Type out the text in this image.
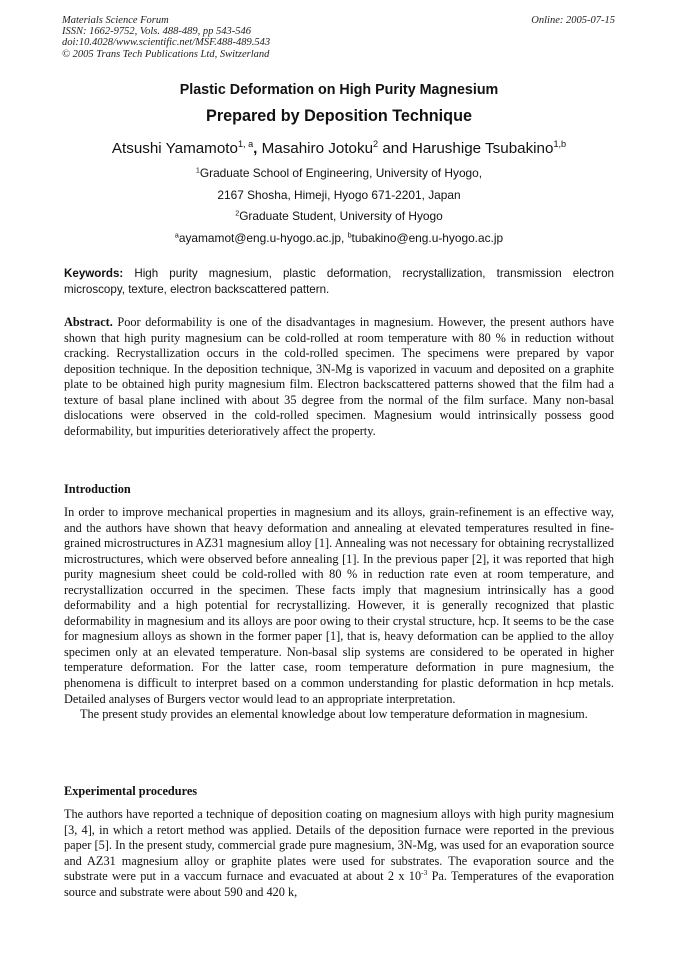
Materials Science Forum
ISSN: 1662-9752, Vols. 488-489, pp 543-546
doi:10.4028/www.scientific.net/MSF.488-489.543
© 2005 Trans Tech Publications Ltd, Switzerland
Online: 2005-07-15
Plastic Deformation on High Purity Magnesium
Prepared by Deposition Technique
Atsushi Yamamoto$^{1, a}$, Masahiro Jotoku$^2$ and Harushige Tsubakino$^{1,b}$
$^1$Graduate School of Engineering, University of Hyogo,
2167 Shosha, Himeji, Hyogo 671-2201, Japan
$^2$Graduate Student, University of Hyogo
$^a$ayamamot@eng.u-hyogo.ac.jp, $^b$tubakino@eng.u-hyogo.ac.jp
Keywords: High purity magnesium, plastic deformation, recrystallization, transmission electron microscopy, texture, electron backscattered pattern.

Abstract. Poor deformability is one of the disadvantages in magnesium. However, the present authors have shown that high purity magnesium can be cold-rolled at room temperature with 80 % in reduction without cracking. Recrystallization occurs in the cold-rolled specimen. The specimens were prepared by vapor deposition technique. In the deposition technique, 3N-Mg is vaporized in vacuum and deposited on a graphite plate to be obtained high purity magnesium film. Electron backscattered patterns showed that the film had a texture of basal plane inclined with about 35 degree from the normal of the film surface. Many non-basal dislocations were observed in the cold-rolled specimen. Magnesium would intrinsically possess good deformability, but impurities deterioratively affect the property.

Introduction

In order to improve mechanical properties in magnesium and its alloys, grain-refinement is an effective way, and the authors have shown that heavy deformation and annealing at elevated temperatures resulted in fine-grained microstructures in AZ31 magnesium alloy [1]. Annealing was not necessary for obtaining recrystallized microstructures, which were observed before annealing [1]. In the previous paper [2], it was reported that high purity magnesium sheet could be cold-rolled with 80 % in reduction rate even at room temperature, and recrystallization occurred in the specimen. These facts imply that magnesium intrinsically has a good deformability and a high potential for recrystallizing. However, it is generally recognized that plastic deformability in magnesium and its alloys are poor owing to their crystal structure, hcp. It seems to be the case for magnesium alloys as shown in the former paper [1], that is, heavy deformation can be applied to the alloy specimen only at an elevated temperature. Non-basal slip systems are considered to be operated in higher temperature deformation. For the latter case, room temperature deformation in pure magnesium, the phenomena is difficult to interpret based on a common understanding for plastic deformation in hcp metals. Detailed analyses of Burgers vector would lead to an appropriate interpretation.

The present study provides an elemental knowledge about low temperature deformation in magnesium.

Experimental procedures

The authors have reported a technique of deposition coating on magnesium alloys with high purity magnesium [3, 4], in which a retort method was applied. Details of the deposition furnace were reported in the previous paper [5]. In the present study, commercial grade pure magnesium, 3N-Mg, was used for an evaporation source and AZ31 magnesium alloy or graphite plates were used for substrates. The evaporation source and the substrate were put in a vaccum furnace and evacuated at about 2 x $10^{-3}$ Pa. Temperatures of the evaporation source and substrate were about 590 and 420 k,
